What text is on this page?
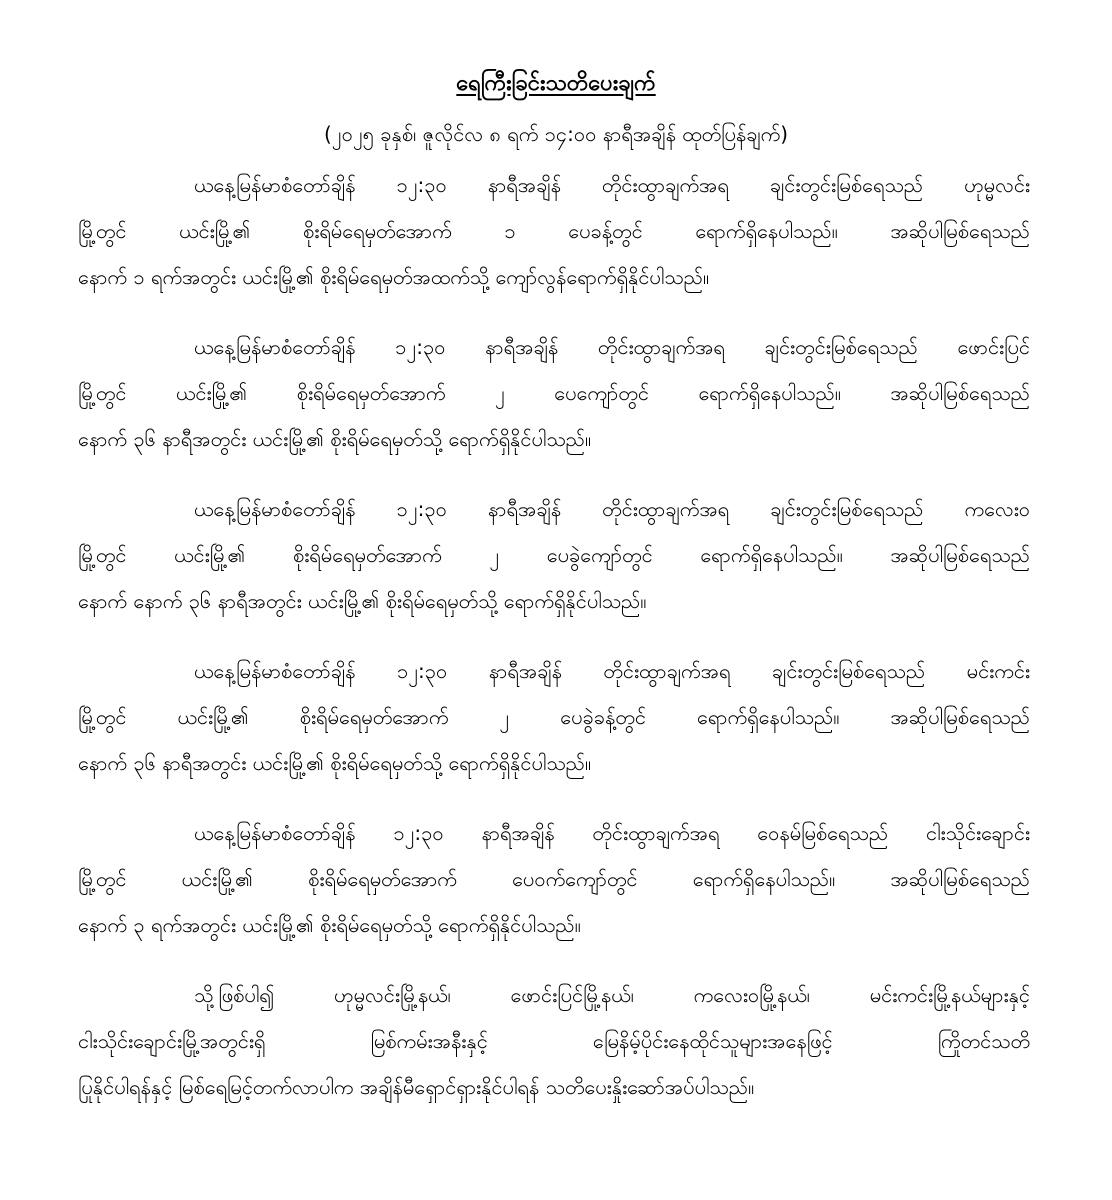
ရေကြီးခြင်းသတိပေးချက်
(၂၀၂၅ ခုနှစ်၊ ဇူလိုင်လ ၈ ရက် ၁၄:၀၀ နာရီအချိန် ထုတ်ပြန်ချက်)
ယနေ့မြန်မာစံတော်ချိန် ၁၂:၃၀ နာရီအချိန် တိုင်းထွာချက်အရ ချင်းတွင်းမြစ်ရေသည် ဟုမ္မလင်း
မြို့တွင် ယင်းမြို့၏ စိုးရိမ်ရေမှတ်အောက် ၁ ပေခန့်တွင် ရောက်ရှိနေပါသည်။ အဆိုပါမြစ်ရေသည်
နောက် ၁ ရက်အတွင်း ယင်းမြို့၏ စိုးရိမ်ရေမှတ်အထက်သို့ ကျော်လွန်ရောက်ရှိနိုင်ပါသည်။
ယနေ့မြန်မာစံတော်ချိန် ၁၂:၃၀ နာရီအချိန် တိုင်းထွာချက်အရ ချင်းတွင်းမြစ်ရေသည် ဖောင်းပြင်
မြို့တွင် ယင်းမြို့၏ စိုးရိမ်ရေမှတ်အောက် ၂ ပေကျော်တွင် ရောက်ရှိနေပါသည်။ အဆိုပါမြစ်ရေသည်
နောက် ၃၆ နာရီအတွင်း ယင်းမြို့၏ စိုးရိမ်ရေမှတ်သို့ ရောက်ရှိနိုင်ပါသည်။
ယနေ့မြန်မာစံတော်ချိန် ၁၂:၃၀ နာရီအချိန် တိုင်းထွာချက်အရ ချင်းတွင်းမြစ်ရေသည် ကလေးဝ
မြို့တွင် ယင်းမြို့၏ စိုးရိမ်ရေမှတ်အောက် ၂ ပေခွဲကျော်တွင် ရောက်ရှိနေပါသည်။ အဆိုပါမြစ်ရေသည်
နောက် နောက် ၃၆ နာရီအတွင်း ယင်းမြို့၏ စိုးရိမ်ရေမှတ်သို့ ရောက်ရှိနိုင်ပါသည်။
ယနေ့မြန်မာစံတော်ချိန် ၁၂:၃၀ နာရီအချိန် တိုင်းထွာချက်အရ ချင်းတွင်းမြစ်ရေသည် မင်းကင်း
မြို့တွင် ယင်းမြို့၏ စိုးရိမ်ရေမှတ်အောက် ၂ ပေခွဲခန့်တွင် ရောက်ရှိနေပါသည်။ အဆိုပါမြစ်ရေသည်
နောက် ၃၆ နာရီအတွင်း ယင်းမြို့၏ စိုးရိမ်ရေမှတ်သို့ ရောက်ရှိနိုင်ပါသည်။
ယနေ့မြန်မာစံတော်ချိန် ၁၂:၃၀ နာရီအချိန် တိုင်းထွာချက်အရ ဝေနမ်မြစ်ရေသည် ငါးသိုင်းချောင်း
မြို့တွင် ယင်းမြို့၏ စိုးရိမ်ရေမှတ်အောက် ပေဝက်ကျော်တွင် ရောက်ရှိနေပါသည်။ အဆိုပါမြစ်ရေသည်
နောက် ၃ ရက်အတွင်း ယင်းမြို့၏ စိုးရိမ်ရေမှတ်သို့ ရောက်ရှိနိုင်ပါသည်။
သို့ဖြစ်ပါ၍ ဟုမ္မလင်းမြို့နယ်၊ ဖောင်းပြင်မြို့နယ်၊ ကလေးဝမြို့နယ်၊ မင်းကင်းမြို့နယ်များနှင့်
ငါးသိုင်းချောင်းမြို့အတွင်းရှိ မြစ်ကမ်းအနီးနှင့် မြေနိမ့်ပိုင်းနေထိုင်သူများအနေဖြင့် ကြိုတင်သတိ
ပြုနိုင်ပါရန်နှင့် မြစ်ရေမြင့်တက်လာပါက အချိန်မီရှောင်ရှားနိုင်ပါရန် သတိပေးနှိုးဆော်အပ်ပါသည်။
